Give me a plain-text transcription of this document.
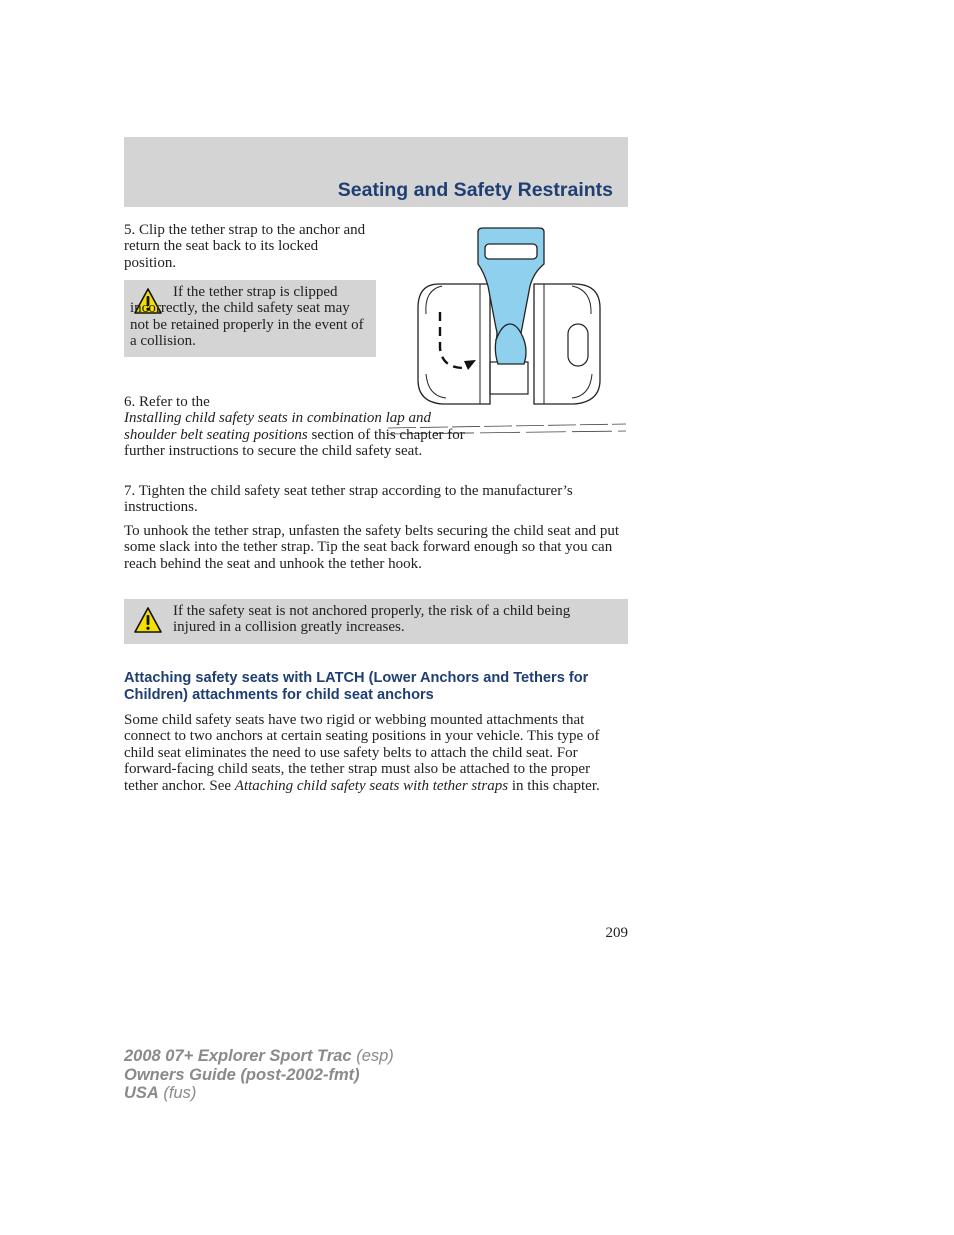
Seating and Safety Restraints

5. Clip the tether strap to the anchor and return the seat back to its locked position.

If the tether strap is clipped incorrectly, the child safety seat may not be retained properly in the event of a collision.

6. Refer to the
Installing child safety seats in combination lap and shoulder belt seating positions section of this chapter for further instructions to secure the child safety seat.

7. Tighten the child safety seat tether strap according to the manufacturer’s instructions.

To unhook the tether strap, unfasten the safety belts securing the child seat and put some slack into the tether strap. Tip the seat back forward enough so that you can reach behind the seat and unhook the tether hook.

If the safety seat is not anchored properly, the risk of a child being injured in a collision greatly increases.

Attaching safety seats with LATCH (Lower Anchors and Tethers for Children) attachments for child seat anchors

Some child safety seats have two rigid or webbing mounted attachments that connect to two anchors at certain seating positions in your vehicle. This type of child seat eliminates the need to use safety belts to attach the child seat. For forward-facing child seats, the tether strap must also be attached to the proper tether anchor. See Attaching child safety seats with tether straps in this chapter.

209
2008 07+ Explorer Sport Trac (esp)
Owners Guide (post-2002-fmt)
USA (fus)
